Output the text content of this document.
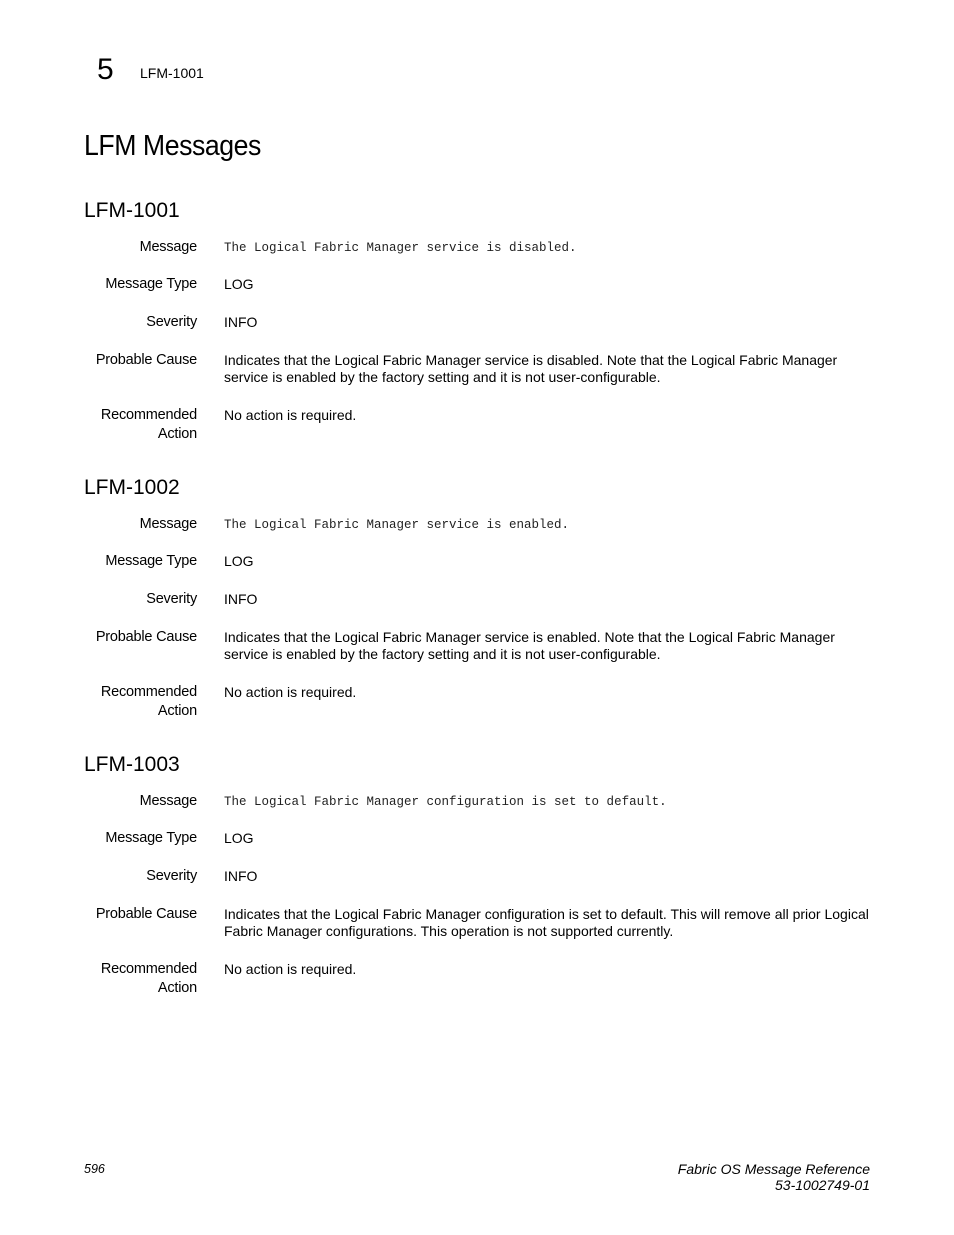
5 LFM-1001
LFM Messages
LFM-1001
Message The Logical Fabric Manager service is disabled.
Message Type LOG
Severity INFO
Probable Cause Indicates that the Logical Fabric Manager service is disabled. Note that the Logical Fabric Manager service is enabled by the factory setting and it is not user-configurable.
Recommended
Action
No action is required.
LFM-1002
Message The Logical Fabric Manager service is enabled.
Message Type LOG
Severity INFO
Probable Cause Indicates that the Logical Fabric Manager service is enabled. Note that the Logical Fabric Manager service is enabled by the factory setting and it is not user-configurable.
Recommended
Action
No action is required.
LFM-1003
Message The Logical Fabric Manager configuration is set to default.
Message Type LOG
Severity INFO
Probable Cause Indicates that the Logical Fabric Manager configuration is set to default. This will remove all prior Logical Fabric Manager configurations. This operation is not supported currently.
Recommended
Action
No action is required.
596	Fabric OS Message Reference
53-1002749-01
